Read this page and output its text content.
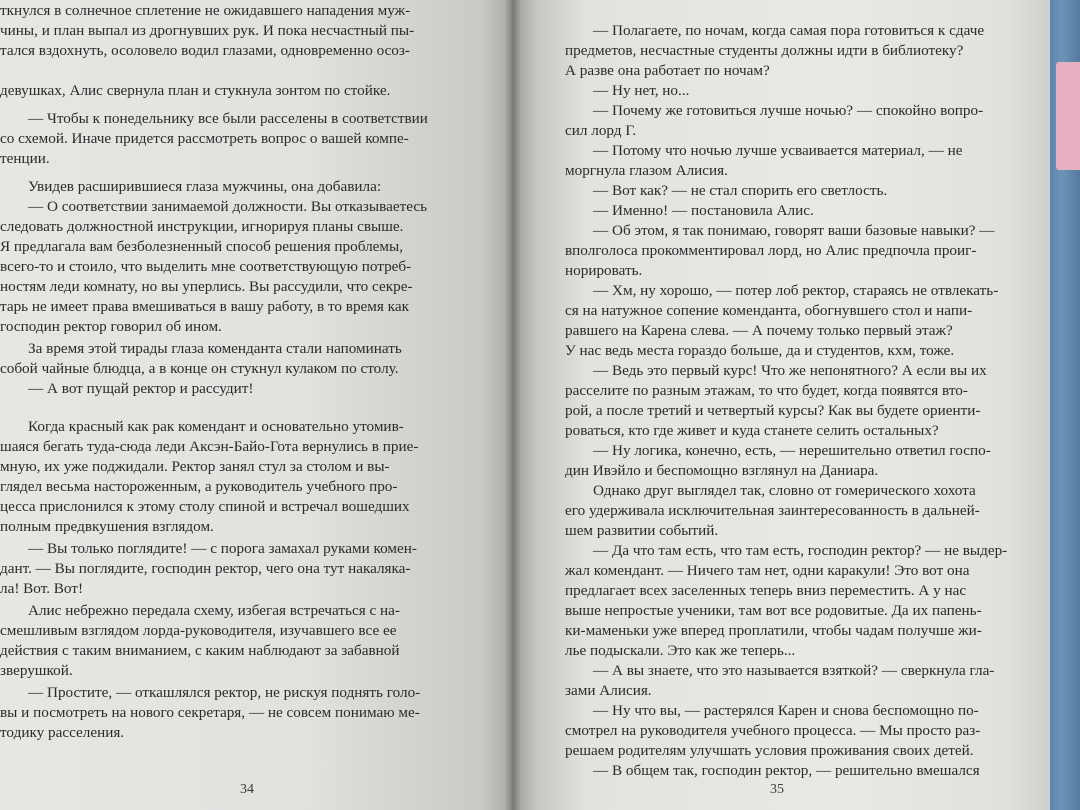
ткнулся в солнечное сплетение не ожидавшего нападения муж-
чины, и план выпал из дрогнувших рук. И пока несчастный пы-
тался вздохнуть, осоловело водил глазами, одновременно осоз-
девушках, Алис свернула план и стукнула зонтом по стойке.
— Чтобы к понедельнику все были расселены в соответствии
со схемой. Иначе придется рассмотреть вопрос о вашей компе-
тенции.
Увидев расширившиеся глаза мужчины, она добавила:
— О соответствии занимаемой должности. Вы отказываетесь
следовать должностной инструкции, игнорируя планы свыше.
Я предлагала вам безболезненный способ решения проблемы,
всего-то и стоило, что выделить мне соответствующую потреб-
ностям леди комнату, но вы уперлись. Вы рассудили, что секре-
тарь не имеет права вмешиваться в вашу работу, в то время как
господин ректор говорил об ином.
За время этой тирады глаза коменданта стали напоминать
собой чайные блюдца, а в конце он стукнул кулаком по столу.
— А вот пущай ректор и рассудит!
Когда красный как рак комендант и основательно утомив-
шаяся бегать туда-сюда леди Аксэн-Байо-Гота вернулись в прие-
мную, их уже поджидали. Ректор занял стул за столом и вы-
глядел весьма настороженным, а руководитель учебного про-
цесса прислонился к этому столу спиной и встречал вошедших
полным предвкушения взглядом.
— Вы только поглядите! — с порога замахал руками комен-
дант. — Вы поглядите, господин ректор, чего она тут накаляка-
ла! Вот. Вот!
Алис небрежно передала схему, избегая встречаться с на-
смешливым взглядом лорда-руководителя, изучавшего все ее
действия с таким вниманием, с каким наблюдают за забавной
зверушкой.
— Простите, — откашлялся ректор, не рискуя поднять голо-
вы и посмотреть на нового секретаря, — не совсем понимаю ме-
тодику расселения.
34
— Полагаете, по ночам, когда самая пора готовиться к сдаче
предметов, несчастные студенты должны идти в библиотеку?
А разве она работает по ночам?
— Ну нет, но...
— Почему же готовиться лучше ночью? — спокойно вопро-
сил лорд Г.
— Потому что ночью лучше усваивается материал, — не
моргнула глазом Алисия.
— Вот как? — не стал спорить его светлость.
— Именно! — постановила Алис.
— Об этом, я так понимаю, говорят ваши базовые навыки? —
вполголоса прокомментировал лорд, но Алис предпочла проиг-
норировать.
— Хм, ну хорошо, — потер лоб ректор, стараясь не отвлекать-
ся на натужное сопение коменданта, обогнувшего стол и напи-
равшего на Карена слева. — А почему только первый этаж?
У нас ведь места гораздо больше, да и студентов, кхм, тоже.
— Ведь это первый курс! Что же непонятного? А если вы их
расселите по разным этажам, то что будет, когда появятся вто-
рой, а после третий и четвертый курсы? Как вы будете ориенти-
роваться, кто где живет и куда станете селить остальных?
— Ну логика, конечно, есть, — нерешительно ответил госпо-
дин Ивэйло и беспомощно взглянул на Даниара.
Однако друг выглядел так, словно от гомерического хохота
его удерживала исключительная заинтересованность в дальней-
шем развитии событий.
— Да что там есть, что там есть, господин ректор? — не выдер-
жал комендант. — Ничего там нет, одни каракули! Это вот она
предлагает всех заселенных теперь вниз переместить. А у нас
выше непростые ученики, там вот все родовитые. Да их папень-
ки-маменьки уже вперед проплатили, чтобы чадам получше жи-
лье подыскали. Это как же теперь...
— А вы знаете, что это называется взяткой? — сверкнула гла-
зами Алисия.
— Ну что вы, — растерялся Карен и снова беспомощно по-
смотрел на руководителя учебного процесса. — Мы просто раз-
решаем родителям улучшать условия проживания своих детей.
— В общем так, господин ректор, — решительно вмешался
35
